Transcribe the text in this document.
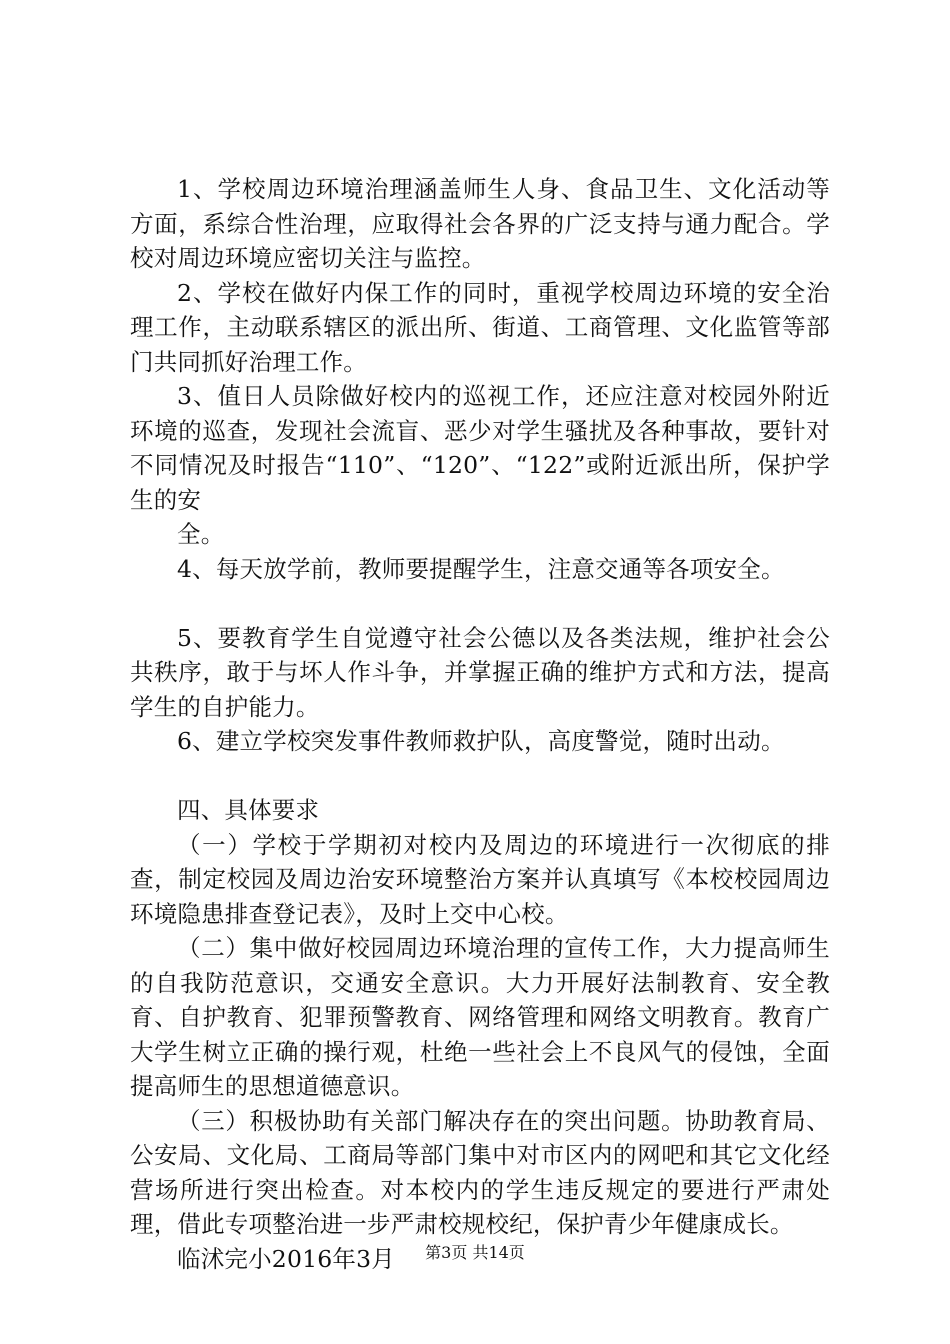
1、学校周边环境治理涵盖师生人身、食品卫生、文化活动等方面，系综合性治理，应取得社会各界的广泛支持与通力配合。学校对周边环境应密切关注与监控。

2、学校在做好内保工作的同时，重视学校周边环境的安全治理工作，主动联系辖区的派出所、街道、工商管理、文化监管等部门共同抓好治理工作。

3、值日人员除做好校内的巡视工作，还应注意对校园外附近环境的巡查，发现社会流盲、恶少对学生骚扰及各种事故，要针对不同情况及时报告“110”、“120”、“122”或附近派出所，保护学生的安

全。

4、每天放学前，教师要提醒学生，注意交通等各项安全。

5、要教育学生自觉遵守社会公德以及各类法规，维护社会公共秩序，敢于与坏人作斗争，并掌握正确的维护方式和方法，提高学生的自护能力。

6、建立学校突发事件教师救护队，高度警觉，随时出动。

四、具体要求

（一）学校于学期初对校内及周边的环境进行一次彻底的排查，制定校园及周边治安环境整治方案并认真填写《本校校园周边环境隐患排查登记表》，及时上交中心校。

（二）集中做好校园周边环境治理的宣传工作，大力提高师生的自我防范意识，交通安全意识。大力开展好法制教育、安全教育、自护教育、犯罪预警教育、网络管理和网络文明教育。教育广大学生树立正确的操行观，杜绝一些社会上不良风气的侵蚀，全面提高师生的思想道德意识。

（三）积极协助有关部门解决存在的突出问题。协助教育局、公安局、文化局、工商局等部门集中对市区内的网吧和其它文化经营场所进行突出检查。对本校内的学生违反规定的要进行严肃处理，借此专项整治进一步严肃校规校纪，保护青少年健康成长。

临沭完小2016年3月	第3页 共14页
